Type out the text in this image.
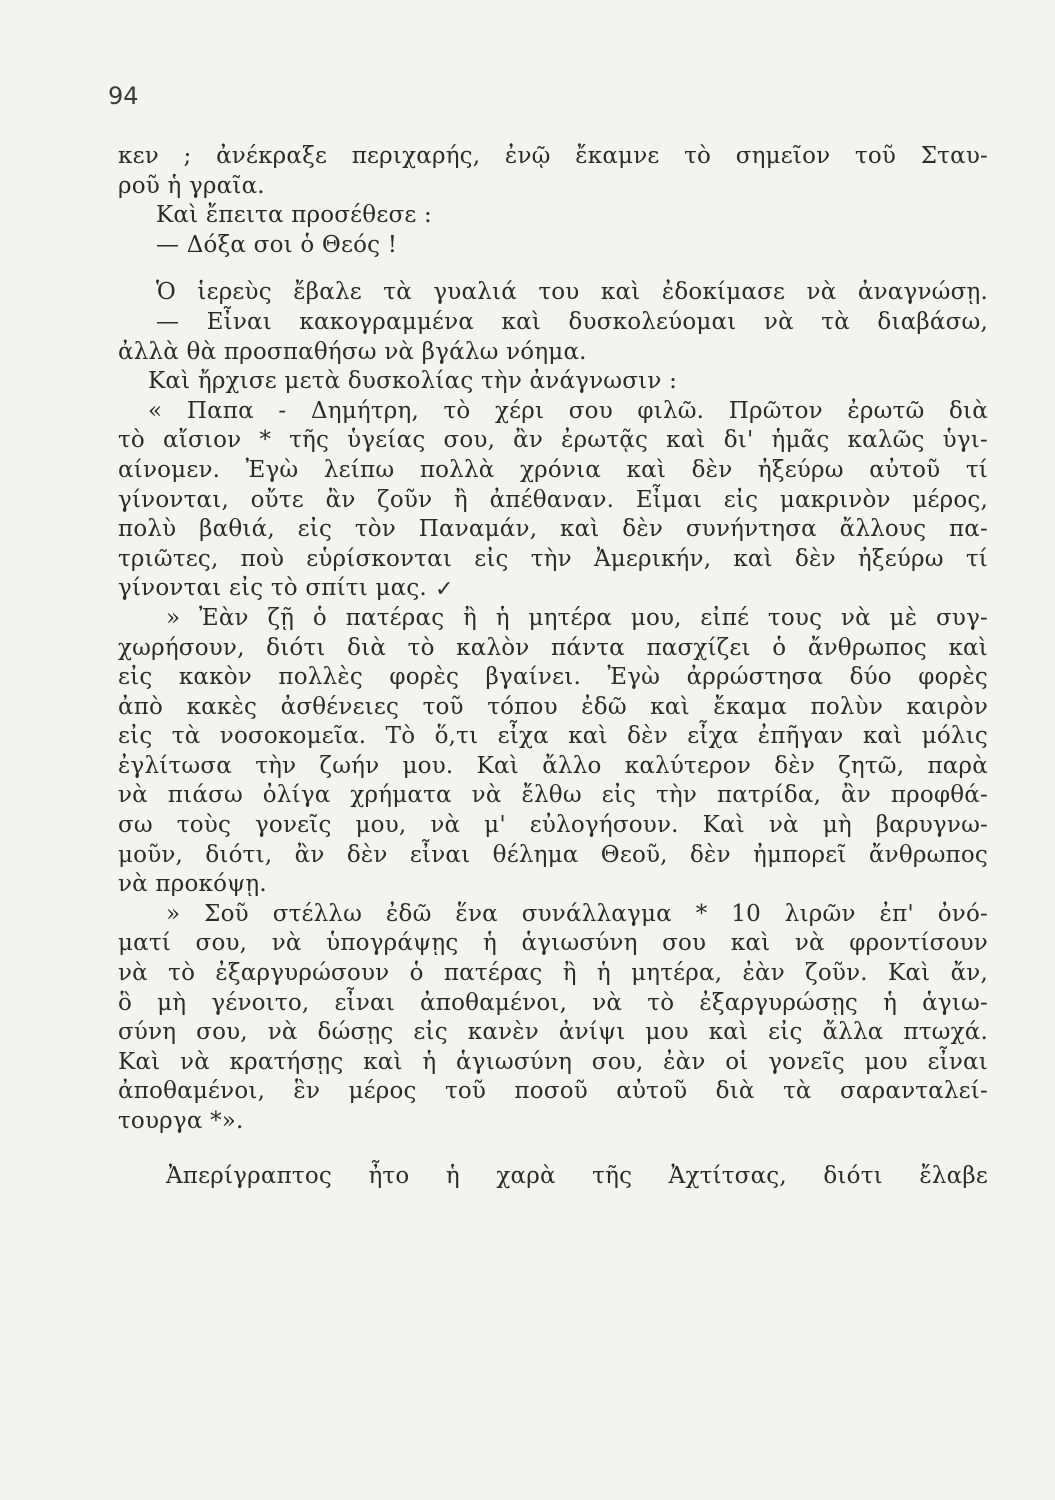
94
κεν ; ἀνέκραξε περιχαρής, ἐνῷ ἔκαμνε τὸ σημεῖον τοῦ Σταυ-
ροῦ ἡ γραῖα.
Καὶ ἔπειτα προσέθεσε :
— Δόξα σοι ὁ Θεός !
Ὁ ἱερεὺς ἔβαλε τὰ γυαλιά του καὶ ἐδοκίμασε νὰ ἀναγνώσῃ.
— Εἶναι κακογραμμένα καὶ δυσκολεύομαι νὰ τὰ διαβάσω,
ἀλλὰ θὰ προσπαθήσω νὰ βγάλω νόημα.
Καὶ ἤρχισε μετὰ δυσκολίας τὴν ἀνάγνωσιν :
« Παπα - Δημήτρη, τὸ χέρι σου φιλῶ. Πρῶτον ἐρωτῶ διὰ
τὸ αἴσιον * τῆς ὑγείας σου, ἂν ἐρωτᾷς καὶ δι' ἡμᾶς καλῶς ὑγι-
αίνομεν. Ἐγὼ λείπω πολλὰ χρόνια καὶ δὲν ἠξεύρω αὐτοῦ τί
γίνονται, οὔτε ἂν ζοῦν ἢ ἀπέθαναν. Εἶμαι εἰς μακρινὸν μέρος,
πολὺ βαθιά, εἰς τὸν Παναμάν, καὶ δὲν συνήντησα ἄλλους πα-
τριῶτες, ποὺ εὑρίσκονται εἰς τὴν Ἀμερικήν, καὶ δὲν ἠξεύρω τί
γίνονται εἰς τὸ σπίτι μας. ✓
» Ἐὰν ζῇ ὁ πατέρας ἢ ἡ μητέρα μου, εἰπέ τους νὰ μὲ συγ-
χωρήσουν, διότι διὰ τὸ καλὸν πάντα πασχίζει ὁ ἄνθρωπος καὶ
εἰς κακὸν πολλὲς φορὲς βγαίνει. Ἐγὼ ἀρρώστησα δύο φορὲς
ἀπὸ κακὲς ἀσθένειες τοῦ τόπου ἐδῶ καὶ ἔκαμα πολὺν καιρὸν
εἰς τὰ νοσοκομεῖα. Τὸ ὅ,τι εἶχα καὶ δὲν εἶχα ἐπῆγαν καὶ μόλις
ἐγλίτωσα τὴν ζωήν μου. Καὶ ἄλλο καλύτερον δὲν ζητῶ, παρὰ
νὰ πιάσω ὀλίγα χρήματα νὰ ἔλθω εἰς τὴν πατρίδα, ἂν προφθά-
σω τοὺς γονεῖς μου, νὰ μ' εὐλογήσουν. Καὶ νὰ μὴ βαρυγνω-
μοῦν, διότι, ἂν δὲν εἶναι θέλημα Θεοῦ, δὲν ἠμπορεῖ ἄνθρωπος
νὰ προκόψῃ.
» Σοῦ στέλλω ἐδῶ ἕνα συνάλλαγμα * 10 λιρῶν ἐπ' ὀνό-
ματί σου, νὰ ὑπογράψῃς ἡ ἁγιωσύνη σου καὶ νὰ φροντίσουν
νὰ τὸ ἐξαργυρώσουν ὁ πατέρας ἢ ἡ μητέρα, ἐὰν ζοῦν. Καὶ ἄν,
ὃ μὴ γένοιτο, εἶναι ἀποθαμένοι, νὰ τὸ ἐξαργυρώσῃς ἡ ἁγιω-
σύνη σου, νὰ δώσῃς εἰς κανὲν ἀνίψι μου καὶ εἰς ἄλλα πτωχά.
Καὶ νὰ κρατήσῃς καὶ ἡ ἁγιωσύνη σου, ἐὰν οἱ γονεῖς μου εἶναι
ἀποθαμένοι, ἓν μέρος τοῦ ποσοῦ αὐτοῦ διὰ τὰ σαρανταλεί-
τουργα *».
Ἀπερίγραπτος ἦτο ἡ χαρὰ τῆς Ἀχτίτσας, διότι ἔλαβε
